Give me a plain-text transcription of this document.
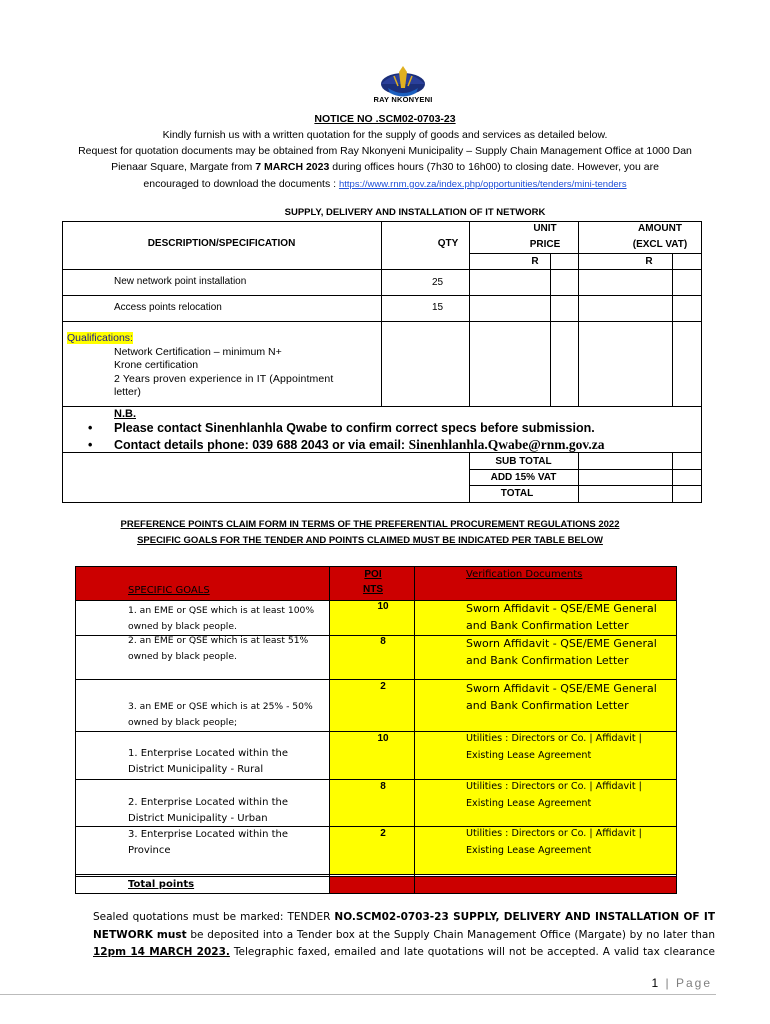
RAY NKONYENI
NOTICE NO .SCM02-0703-23
Kindly furnish us with a written quotation for the supply of goods and services as detailed below.
Request for quotation documents may be obtained from Ray Nkonyeni Municipality – Supply Chain Management Office at 1000 Dan
Pienaar Square, Margate from 7 MARCH 2023 during offices hours (7h30 to 16h00) to closing date. However, you are
encouraged to download the documents : https://www.rnm.gov.za/index.php/opportunities/tenders/mini-tenders
SUPPLY, DELIVERY AND INSTALLATION OF IT NETWORK
DESCRIPTION/SPECIFICATION	QTY
UNIT
PRICE
AMOUNT
(EXCL VAT)
R	R
New network point installation	25
Access points relocation	15
Qualifications:
Network Certification – minimum N+
Krone certification
2 Years proven experience in IT (Appointment
letter)
N.B.
• Please contact Sinenhlanhla Qwabe to confirm correct specs before submission.
• Contact details phone: 039 688 2043 or via email: Sinenhlanhla.Qwabe@rnm.gov.za
SUB TOTAL
ADD 15% VAT
TOTAL
PREFERENCE POINTS CLAIM FORM IN TERMS OF THE PREFERENTIAL PROCUREMENT REGULATIONS 2022
SPECIFIC GOALS FOR THE TENDER AND POINTS CLAIMED MUST BE INDICATED PER TABLE BELOW
SPECIFIC GOALS
POI
NTS
Verification Documents
1. an EME or QSE which is at least 100%
owned by black people.
10	Sworn Affidavit - QSE/EME General
and Bank Confirmation Letter
2. an EME or QSE which is at least 51%
owned by black people.
8	Sworn Affidavit - QSE/EME General
and Bank Confirmation Letter
3. an EME or QSE which is at 25% - 50%
owned by black people;
2	Sworn Affidavit - QSE/EME General
and Bank Confirmation Letter
1. Enterprise Located within the
District Municipality - Rural
10	Utilities : Directors or Co. | Affidavit |
Existing Lease Agreement
2. Enterprise Located within the
District Municipality - Urban
8	Utilities : Directors or Co. | Affidavit |
Existing Lease Agreement
3. Enterprise Located within the
Province
2	Utilities : Directors or Co. | Affidavit |
Existing Lease Agreement
Total points	20
Sealed quotations must be marked: TENDER NO.SCM02-0703-23 SUPPLY, DELIVERY AND INSTALLATION OF IT
NETWORK must be deposited into a Tender box at the Supply Chain Management Office (Margate) by no later than
12pm 14 MARCH 2023. Telegraphic faxed, emailed and late quotations will not be accepted. A valid tax clearance
1 | Page
